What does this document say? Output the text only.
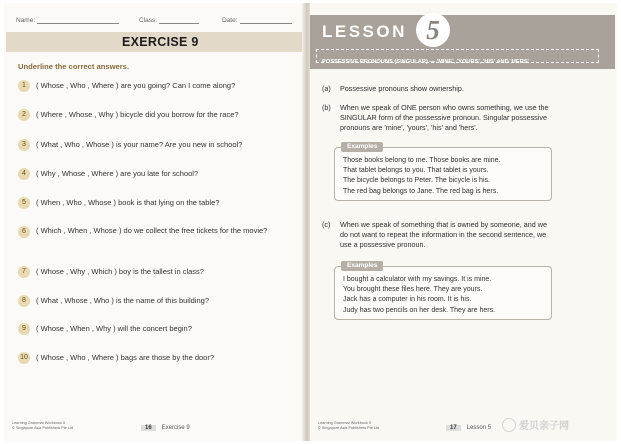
Name:	Class:	Date:
EXERCISE 9
Underline the correct answers.
1 ( Whose , Who , Where ) are you going? Can I come along?
2 ( Where , Whose , Why ) bicycle did you borrow for the race?
3 ( What , Who , Whose ) is your name? Are you new in school?
4 ( Why , Whose , Where ) are you late for school?
5 ( When , Who , Whose ) book is that lying on the table?
6 ( Which , When , Whose ) do we collect the free tickets for the movie?
7 ( Whose , Why , Which ) boy is the tallest in class?
8 ( What , Whose , Who ) is the name of this building?
9 ( Whose , When , Why ) will the concert begin?
10 ( Whose , Who , Where ) bags are those by the door?
Learning Grammar Workbook 5
© Singapore Asia Publishers Pte Ltd	16 Exercise 9
LESSON 5
POSSESSIVE PRONOUNS (SINGULAR) — 'MINE', 'YOURS', 'HIS' AND 'HERS'
(a) Possessive pronouns show ownership.
(b) When we speak of ONE person who owns something, we use the
SINGULAR form of the possessive pronoun. Singular possessive
pronouns are 'mine', 'yours', 'his' and 'hers'.
Examples
Those books belong to me. Those books are mine.
That tablet belongs to you. That tablet is yours.
The bicycle belongs to Peter. The bicycle is his.
The red bag belongs to Jane. The red bag is hers.
(c) When we speak of something that is owned by someone, and we
do not want to repeat the information in the second sentence, we
use a possessive pronoun.
Examples
I bought a calculator with my savings. It is mine.
You brought these files here. They are yours.
Jack has a computer in his room. It is his.
Judy has two pencils on her desk. They are hers.
Learning Grammar Workbook 5
© Singapore Asia Publishers Pte Ltd	17 Lesson 5	爱贝亲子网
